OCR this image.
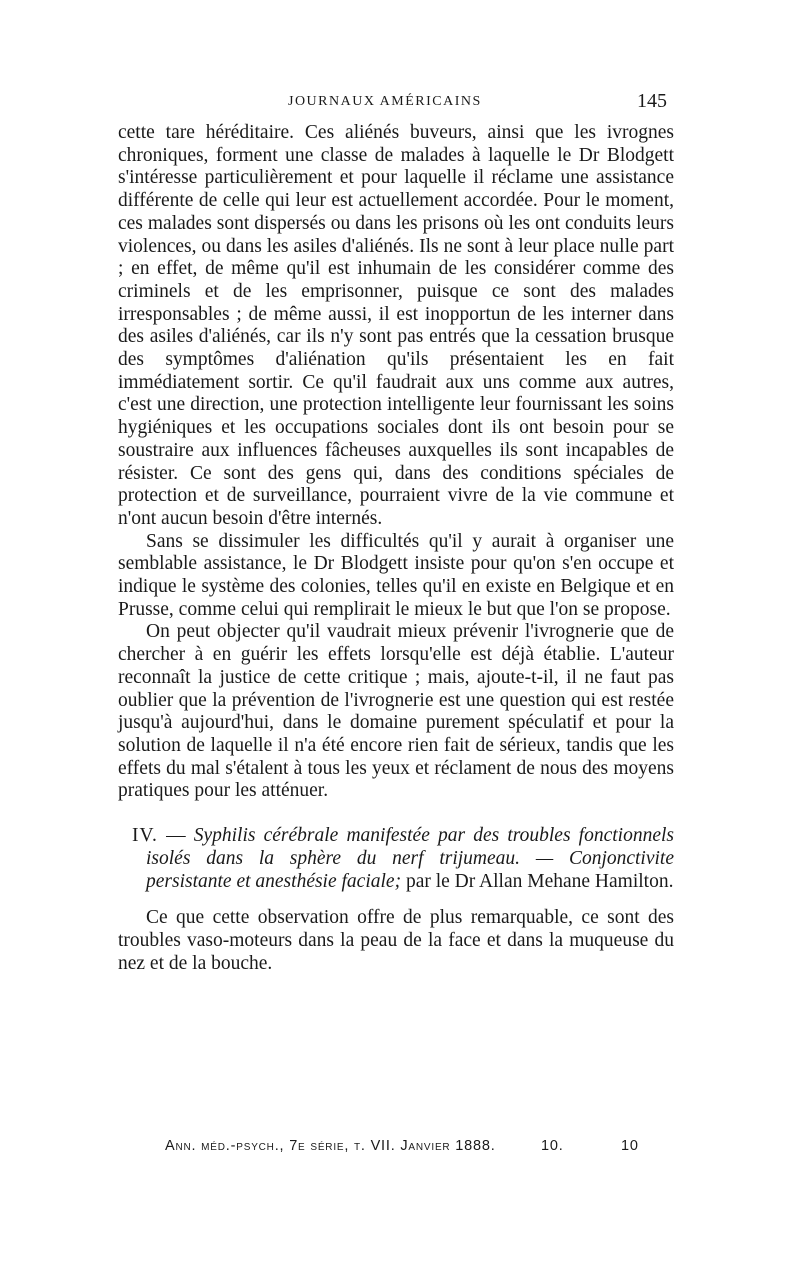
JOURNAUX AMÉRICAINS	145

cette tare héréditaire. Ces aliénés buveurs, ainsi que les ivrognes chroniques, forment une classe de malades à laquelle le Dr Blodgett s'intéresse particulièrement et pour laquelle il réclame une assistance différente de celle qui leur est actuellement accordée. Pour le moment, ces malades sont dispersés ou dans les prisons où les ont conduits leurs violences, ou dans les asiles d'aliénés. Ils ne sont à leur place nulle part ; en effet, de même qu'il est inhumain de les considérer comme des criminels et de les emprisonner, puisque ce sont des malades irresponsables ; de même aussi, il est inopportun de les interner dans des asiles d'aliénés, car ils n'y sont pas entrés que la cessation brusque des symptômes d'aliénation qu'ils présentaient les en fait immédiatement sortir. Ce qu'il faudrait aux uns comme aux autres, c'est une direction, une protection intelligente leur fournissant les soins hygiéniques et les occupations sociales dont ils ont besoin pour se soustraire aux influences fâcheuses auxquelles ils sont incapables de résister. Ce sont des gens qui, dans des conditions spéciales de protection et de surveillance, pourraient vivre de la vie commune et n'ont aucun besoin d'être internés.

Sans se dissimuler les difficultés qu'il y aurait à organiser une semblable assistance, le Dr Blodgett insiste pour qu'on s'en occupe et indique le système des colonies, telles qu'il en existe en Belgique et en Prusse, comme celui qui remplirait le mieux le but que l'on se propose.

On peut objecter qu'il vaudrait mieux prévenir l'ivrognerie que de chercher à en guérir les effets lorsqu'elle est déjà établie. L'auteur reconnaît la justice de cette critique ; mais, ajoute-t-il, il ne faut pas oublier que la prévention de l'ivrognerie est une question qui est restée jusqu'à aujourd'hui, dans le domaine purement spéculatif et pour la solution de laquelle il n'a été encore rien fait de sérieux, tandis que les effets du mal s'étalent à tous les yeux et réclament de nous des moyens pratiques pour les atténuer.

IV. — Syphilis cérébrale manifestée par des troubles fonctionnels isolés dans la sphère du nerf trijumeau. — Conjonctivite persistante et anesthésie faciale; par le Dr Allan Mehane Hamilton.

Ce que cette observation offre de plus remarquable, ce sont des troubles vaso-moteurs dans la peau de la face et dans la muqueuse du nez et de la bouche.

Ann. méd.-psych., 7e série, t. VII. Janvier 1888.	10.	10
